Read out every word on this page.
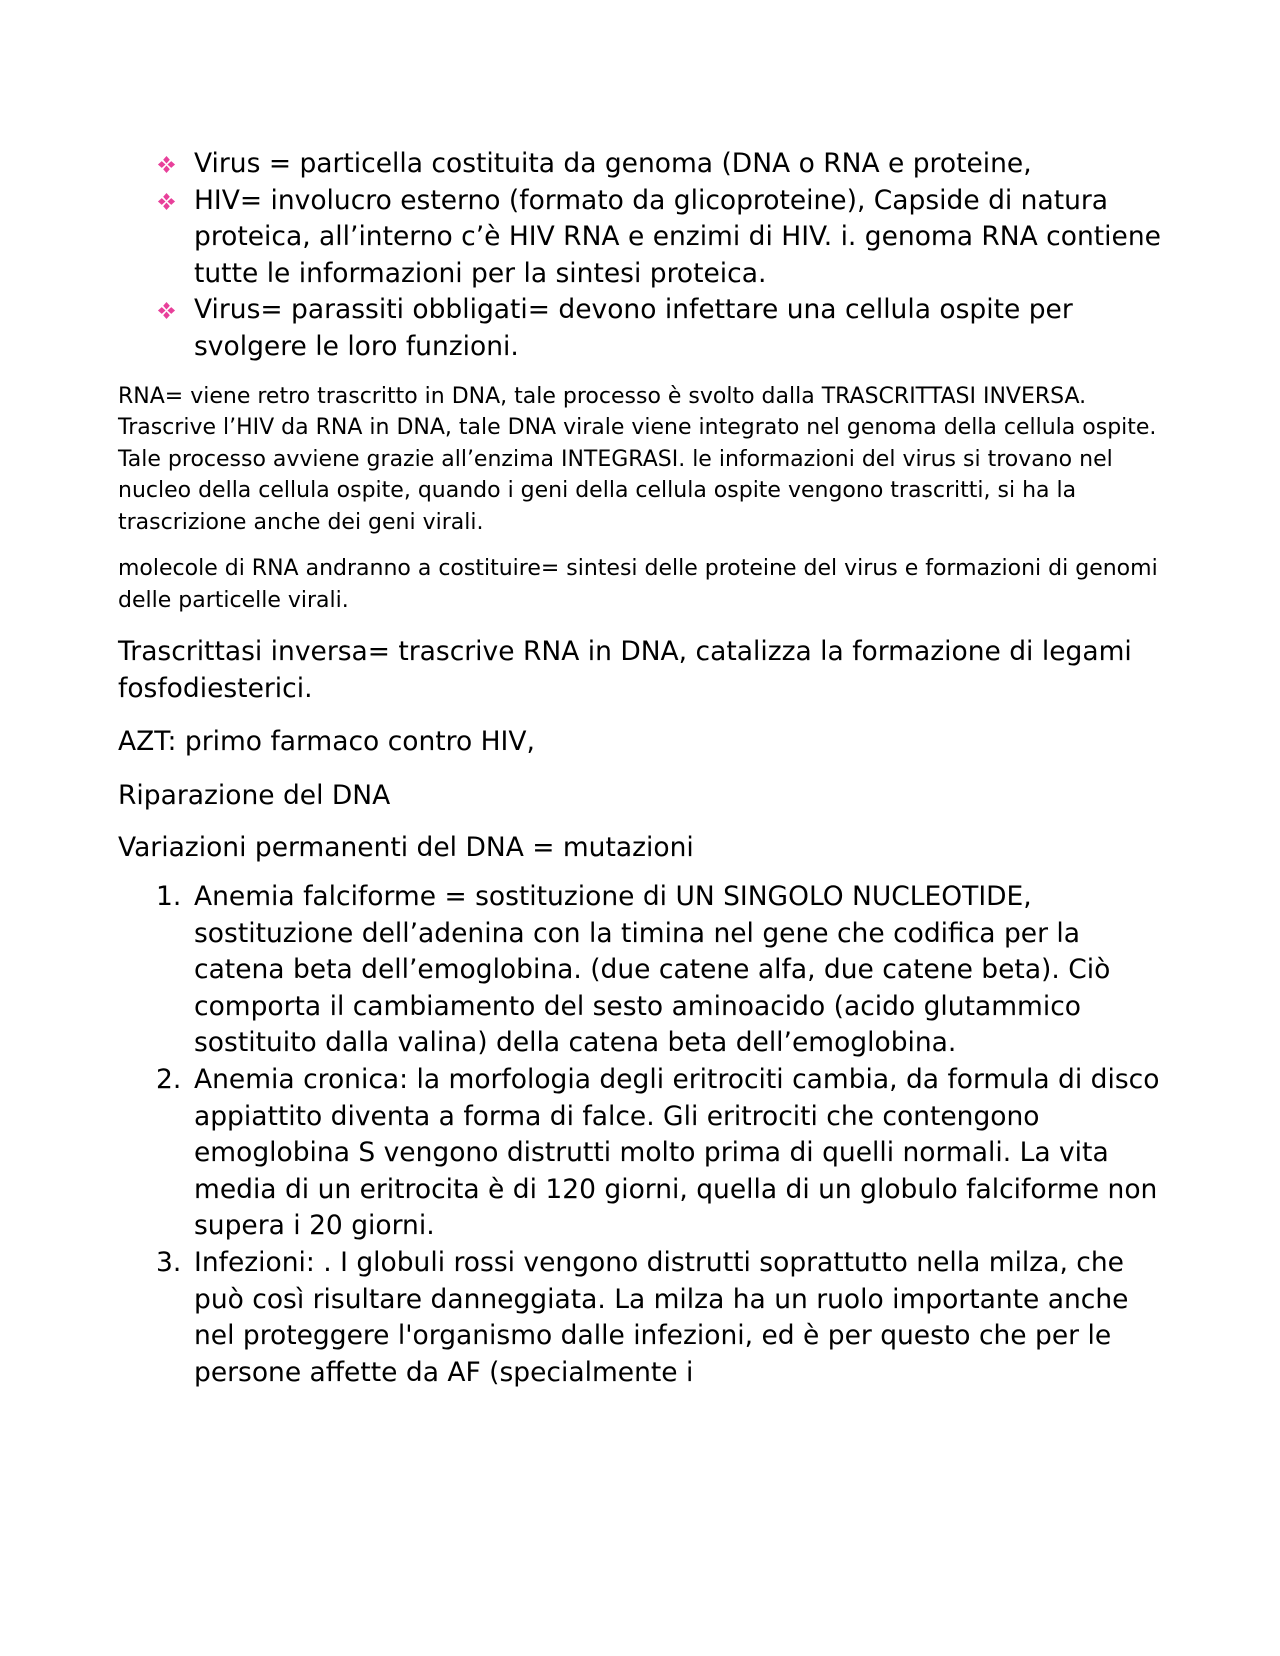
Virus = particella costituita da genoma (DNA o RNA e proteine,
HIV= involucro esterno (formato da glicoproteine), Capside di natura proteica, all’interno c’è HIV RNA e enzimi di HIV. i. genoma RNA contiene tutte le informazioni per la sintesi proteica.
Virus= parassiti obbligati= devono infettare una cellula ospite per svolgere le loro funzioni.

RNA= viene retro trascritto in DNA, tale processo è svolto dalla TRASCRITTASI INVERSA. Trascrive l’HIV da RNA in DNA, tale DNA virale viene integrato nel genoma della cellula ospite. Tale processo avviene grazie all’enzima INTEGRASI. le informazioni del virus si trovano nel nucleo della cellula ospite, quando i geni della cellula ospite vengono trascritti, si ha la trascrizione anche dei geni virali.

molecole di RNA andranno a costituire= sintesi delle proteine del virus e formazioni di genomi delle particelle virali.

Trascrittasi inversa= trascrive RNA in DNA, catalizza la formazione di legami fosfodiesterici.

AZT: primo farmaco contro HIV,

Riparazione del DNA

Variazioni permanenti del DNA = mutazioni

1. Anemia falciforme = sostituzione di UN SINGOLO NUCLEOTIDE, sostituzione dell’adenina con la timina nel gene che codifica per la catena beta dell’emoglobina. (due catene alfa, due catene beta). Ciò comporta il cambiamento del sesto aminoacido (acido glutammico sostituito dalla valina) della catena beta dell’emoglobina.
2. Anemia cronica: la morfologia degli eritrociti cambia, da formula di disco appiattito diventa a forma di falce. Gli eritrociti che contengono emoglobina S vengono distrutti molto prima di quelli normali. La vita media di un eritrocita è di 120 giorni, quella di un globulo falciforme non supera i 20 giorni.
3. Infezioni: . I globuli rossi vengono distrutti soprattutto nella milza, che può così risultare danneggiata. La milza ha un ruolo importante anche nel proteggere l'organismo dalle infezioni, ed è per questo che per le persone affette da AF (specialmente i
